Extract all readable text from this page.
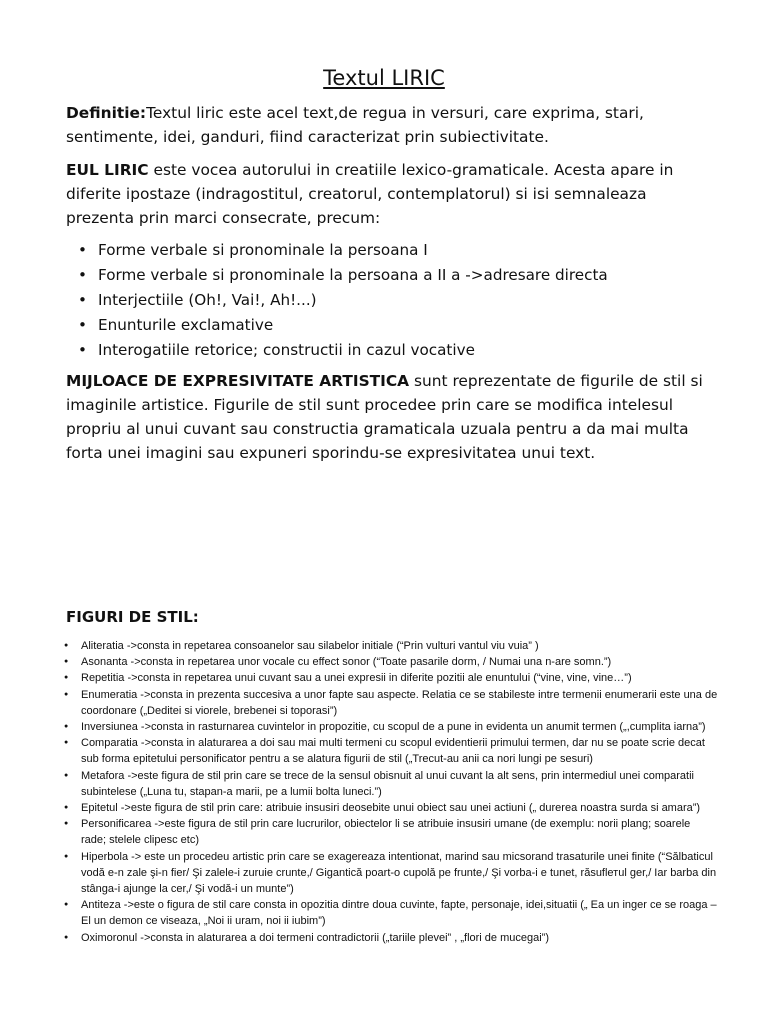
Textul LIRIC
Definitie:Textul liric este acel text,de regua in versuri, care exprima, stari, sentimente, idei, ganduri, fiind caracterizat prin subiectivitate.
EUL LIRIC este vocea autorului in creatiile lexico-gramaticale. Acesta apare in diferite ipostaze (indragostitul, creatorul, contemplatorul) si isi semnaleaza prezenta prin marci consecrate, precum:
• Forme verbale si pronominale la persoana I
• Forme verbale si pronominale la persoana a II a ->adresare directa
• Interjectiile (Oh!, Vai!, Ah!...)
• Enunturile exclamative
• Interogatiile retorice; constructii in cazul vocative
MIJLOACE DE EXPRESIVITATE ARTISTICA sunt reprezentate de figurile de stil si imaginile artistice. Figurile de stil sunt procedee prin care se modifica intelesul propriu al unui cuvant sau constructia gramaticala uzuala pentru a da mai multa forta unei imagini sau expuneri sporindu-se expresivitatea unui text.
FIGURI DE STIL:
● Aliteratia ->consta in repetarea consoanelor sau silabelor initiale (“Prin vulturi vantul viu vuia” )
● Asonanta ->consta in repetarea unor vocale cu effect sonor (“Toate pasarile dorm, / Numai una n-are somn.”)
● Repetitia ->consta in repetarea unui cuvant sau a unei expresii in diferite pozitii ale enuntului (“vine, vine, vine…”)
● Enumeratia ->consta in prezenta succesiva a unor fapte sau aspecte. Relatia ce se stabileste intre termenii enumerarii este una de coordonare („Deditei si viorele, brebenei si toporasi”)
● Inversiunea ->consta in rasturnarea cuvintelor in propozitie, cu scopul de a pune in evidenta un anumit termen („,cumplita iarna”)
● Comparatia ->consta in alaturarea a doi sau mai multi termeni cu scopul evidentierii primului termen, dar nu se poate scrie decat sub forma epitetului personificator pentru a se alatura figurii de stil („Trecut-au anii ca nori lungi pe sesuri)
● Metafora ->este figura de stil prin care se trece de la sensul obisnuit al unui cuvant la alt sens, prin intermediul unei comparatii subintelese („Luna tu, stapan-a marii, pe a lumii bolta luneci.”)
● Epitetul ->este figura de stil prin care: atribuie insusiri deosebite unui obiect sau unei actiuni („ durerea noastra surda si amara”)
● Personificarea ->este figura de stil prin care lucrurilor, obiectelor li se atribuie insusiri umane (de exemplu: norii plang; soarele rade; stelele clipesc etc)
● Hiperbola -> este un procedeu artistic prin care se exagereaza intentionat, marind sau micsorand trasaturile unei finite (“Sălbaticul vodă e-n zale şi-n fier/ Şi zalele-i zuruie crunte,/ Gigantică poart-o cupolă pe frunte,/ Şi vorba-i e tunet, răsuflетul ger,/ Iar barba din stânga-i ajunge la cer,/ Şi vodă-i un munte”)
● Antiteza ->este o figura de stil care consta in opozitia dintre doua cuvinte, fapte, personaje, idei,situatii („ Ea un inger ce se roaga – El un demon ce viseaza, „Noi ii uram, noi ii iubim”)
● Oximoronul ->consta in alaturarea a doi termeni contradictorii („tariile plevei” , „flori de mucegai”)
